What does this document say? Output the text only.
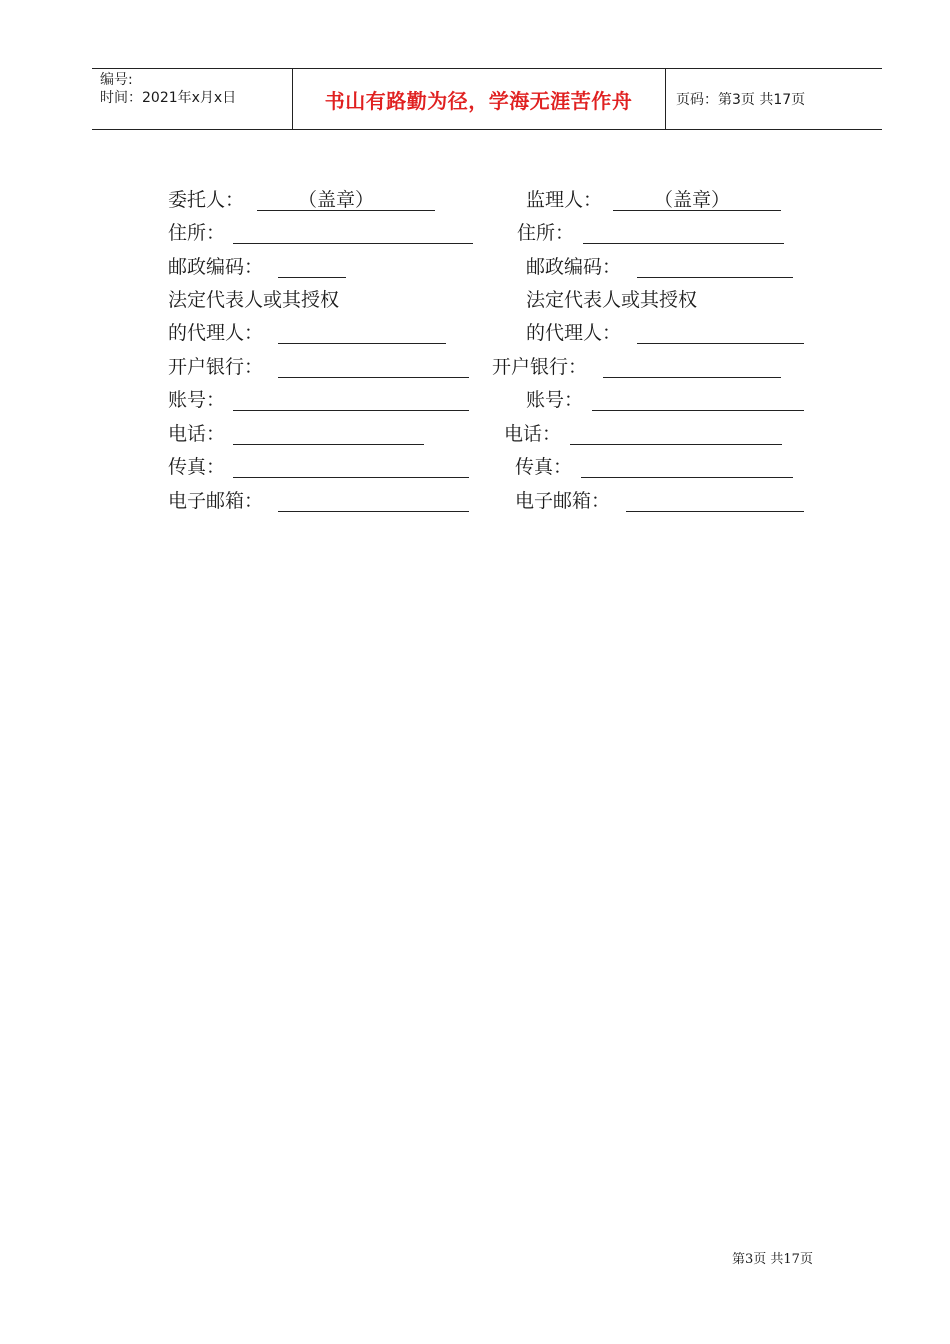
编号:
时间：2021年x月x日	书山有路勤为径，学海无涯苦作舟	页码：第3页 共17页
委托人：	（盖章）	监理人：	（盖章）
住所：	住所：
邮政编码：	邮政编码：
法定代表人或其授权	法定代表人或其授权
的代理人：	的代理人：
开户银行：	开户银行：
账号：	账号：
电话：	电话：
传真：	传真：
电子邮箱：	电子邮箱：
第3页 共17页
